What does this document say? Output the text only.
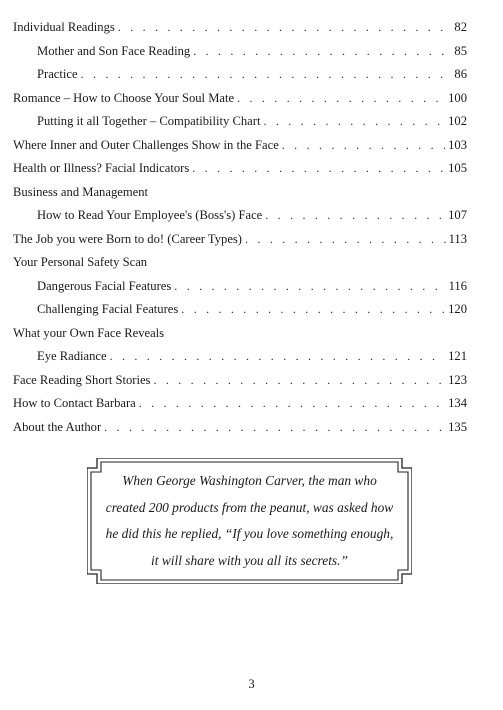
Individual Readings . . .	82
Mother and Son Face Reading . . .	85
Practice . . .	86
Romance – How to Choose Your Soul Mate . . .	100
Putting it all Together – Compatibility Chart . . .	102
Where Inner and Outer Challenges Show in the Face . . .	103
Health or Illness? Facial Indicators . . .	105
Business and Management
How to Read Your Employee's (Boss's) Face . . .	107
The Job you were Born to do! (Career Types) . . .	113
Your Personal Safety Scan
Dangerous Facial Features . . .	116
Challenging Facial Features . . .	120
What your Own Face Reveals
Eye Radiance . . .	121
Face Reading Short Stories . . .	123
How to Contact Barbara . . .	134
About the Author . . .	135
When George Washington Carver, the man who
created 200 products from the peanut, was asked how
he did this he replied, “If you love something enough,
it will share with you all its secrets.”
3
